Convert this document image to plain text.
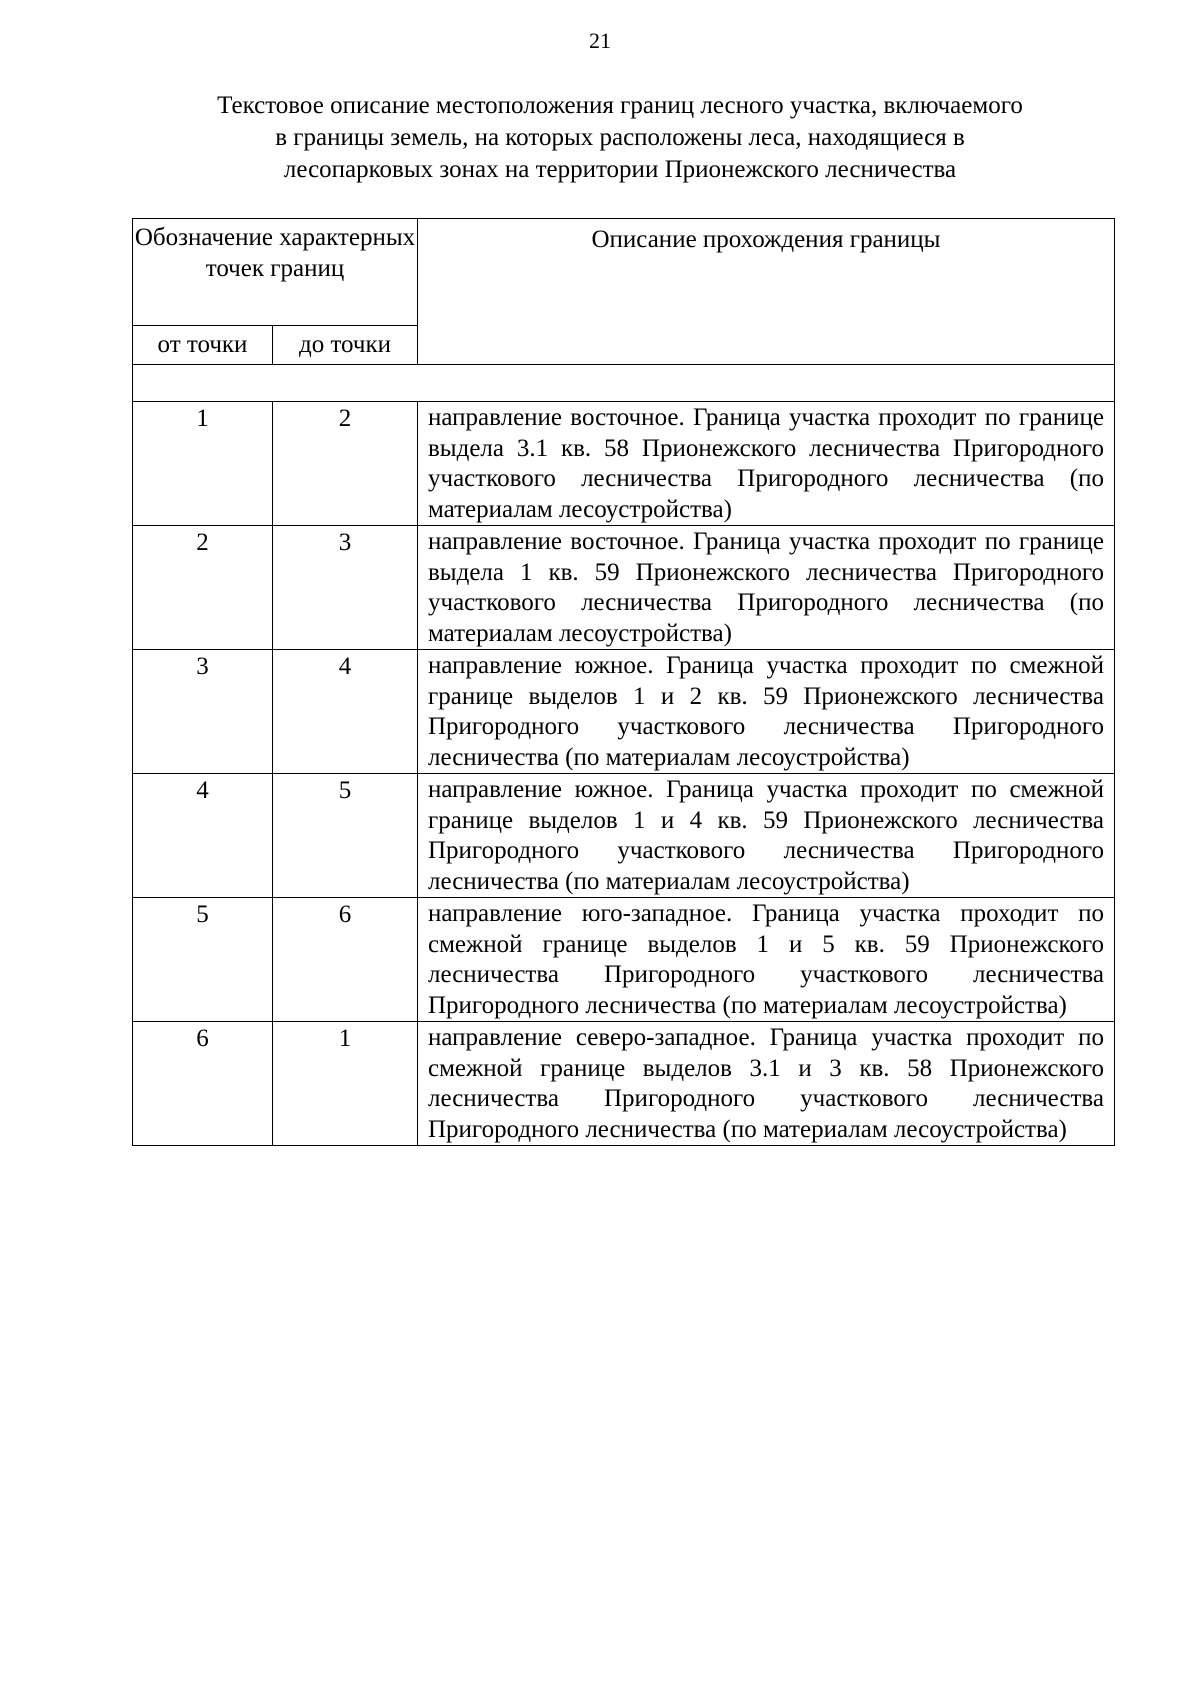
21
Текстовое описание местоположения границ лесного участка, включаемого
в границы земель, на которых расположены леса, находящиеся в
лесопарковых зонах на территории Прионежского лесничества
Обозначение характерных точек границ		Описание прохождения границы
от точки	до точки	

1	2	направление восточное. Граница участка проходит по границе выдела 3.1 кв. 58 Прионежского лесничества Пригородного участкового лесничества Пригородного лесничества (по материалам лесоустройства)
2	3	направление восточное. Граница участка проходит по границе выдела 1 кв. 59 Прионежского лесничества Пригородного участкового лесничества Пригородного лесничества (по материалам лесоустройства)
3	4	направление южное. Граница участка проходит по смежной границе выделов 1 и 2 кв. 59 Прионежского лесничества Пригородного участкового лесничества Пригородного лесничества (по материалам лесоустройства)
4	5	направление южное. Граница участка проходит по смежной границе выделов 1 и 4 кв. 59 Прионежского лесничества Пригородного участкового лесничества Пригородного лесничества (по материалам лесоустройства)
5	6	направление юго-западное. Граница участка проходит по смежной границе выделов 1 и 5 кв. 59 Прионежского лесничества Пригородного участкового лесничества Пригородного лесничества (по материалам лесоустройства)
6	1	направление северо-западное. Граница участка проходит по смежной границе выделов 3.1 и 3 кв. 58 Прионежского лесничества Пригородного участкового лесничества Пригородного лесничества (по материалам лесоустройства)
